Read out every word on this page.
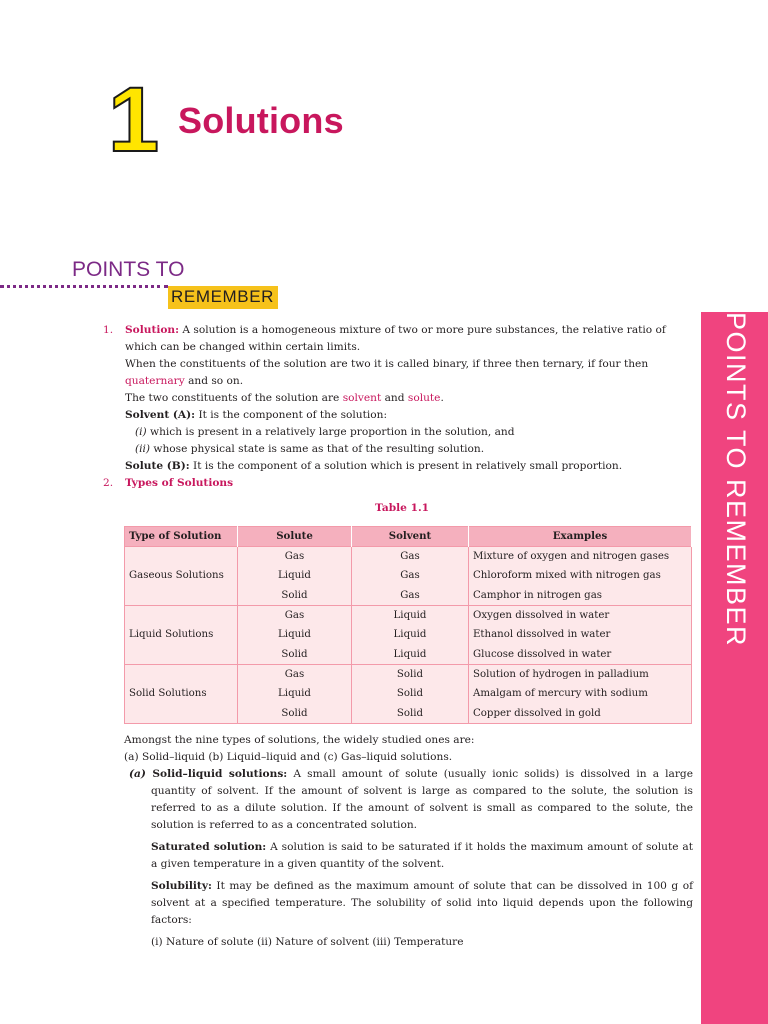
1 Solutions
POINTS TO
REMEMBER
POINTS TO REMEMBER
1. Solution: A solution is a homogeneous mixture of two or more pure substances, the relative ratio of which can be changed within certain limits.
When the constituents of the solution are two it is called binary, if three then ternary, if four then quaternary and so on.
The two constituents of the solution are solvent and solute.
Solvent (A): It is the component of the solution:
(i) which is present in a relatively large proportion in the solution, and
(ii) whose physical state is same as that of the resulting solution.
Solute (B): It is the component of a solution which is present in relatively small proportion.
2. Types of Solutions
Table 1.1
Type of Solution	Solute	Solvent	Examples
Gaseous Solutions	Gas	Gas	Mixture of oxygen and nitrogen gases
	Liquid	Gas	Chloroform mixed with nitrogen gas
	Solid	Gas	Camphor in nitrogen gas
Liquid Solutions	Gas	Liquid	Oxygen dissolved in water
	Liquid	Liquid	Ethanol dissolved in water
	Solid	Liquid	Glucose dissolved in water
Solid Solutions	Gas	Solid	Solution of hydrogen in palladium
	Liquid	Solid	Amalgam of mercury with sodium
	Solid	Solid	Copper dissolved in gold
Amongst the nine types of solutions, the widely studied ones are:
(a) Solid–liquid (b) Liquid–liquid and (c) Gas–liquid solutions.
(a) Solid–liquid solutions: A small amount of solute (usually ionic solids) is dissolved in a large quantity of solvent. If the amount of solvent is large as compared to the solute, the solution is referred to as a dilute solution. If the amount of solvent is small as compared to the solute, the solution is referred to as a concentrated solution.
Saturated solution: A solution is said to be saturated if it holds the maximum amount of solute at a given temperature in a given quantity of the solvent.
Solubility: It may be defined as the maximum amount of solute that can be dissolved in 100 g of solvent at a specified temperature. The solubility of solid into liquid depends upon the following factors:
(i) Nature of solute (ii) Nature of solvent (iii) Temperature
